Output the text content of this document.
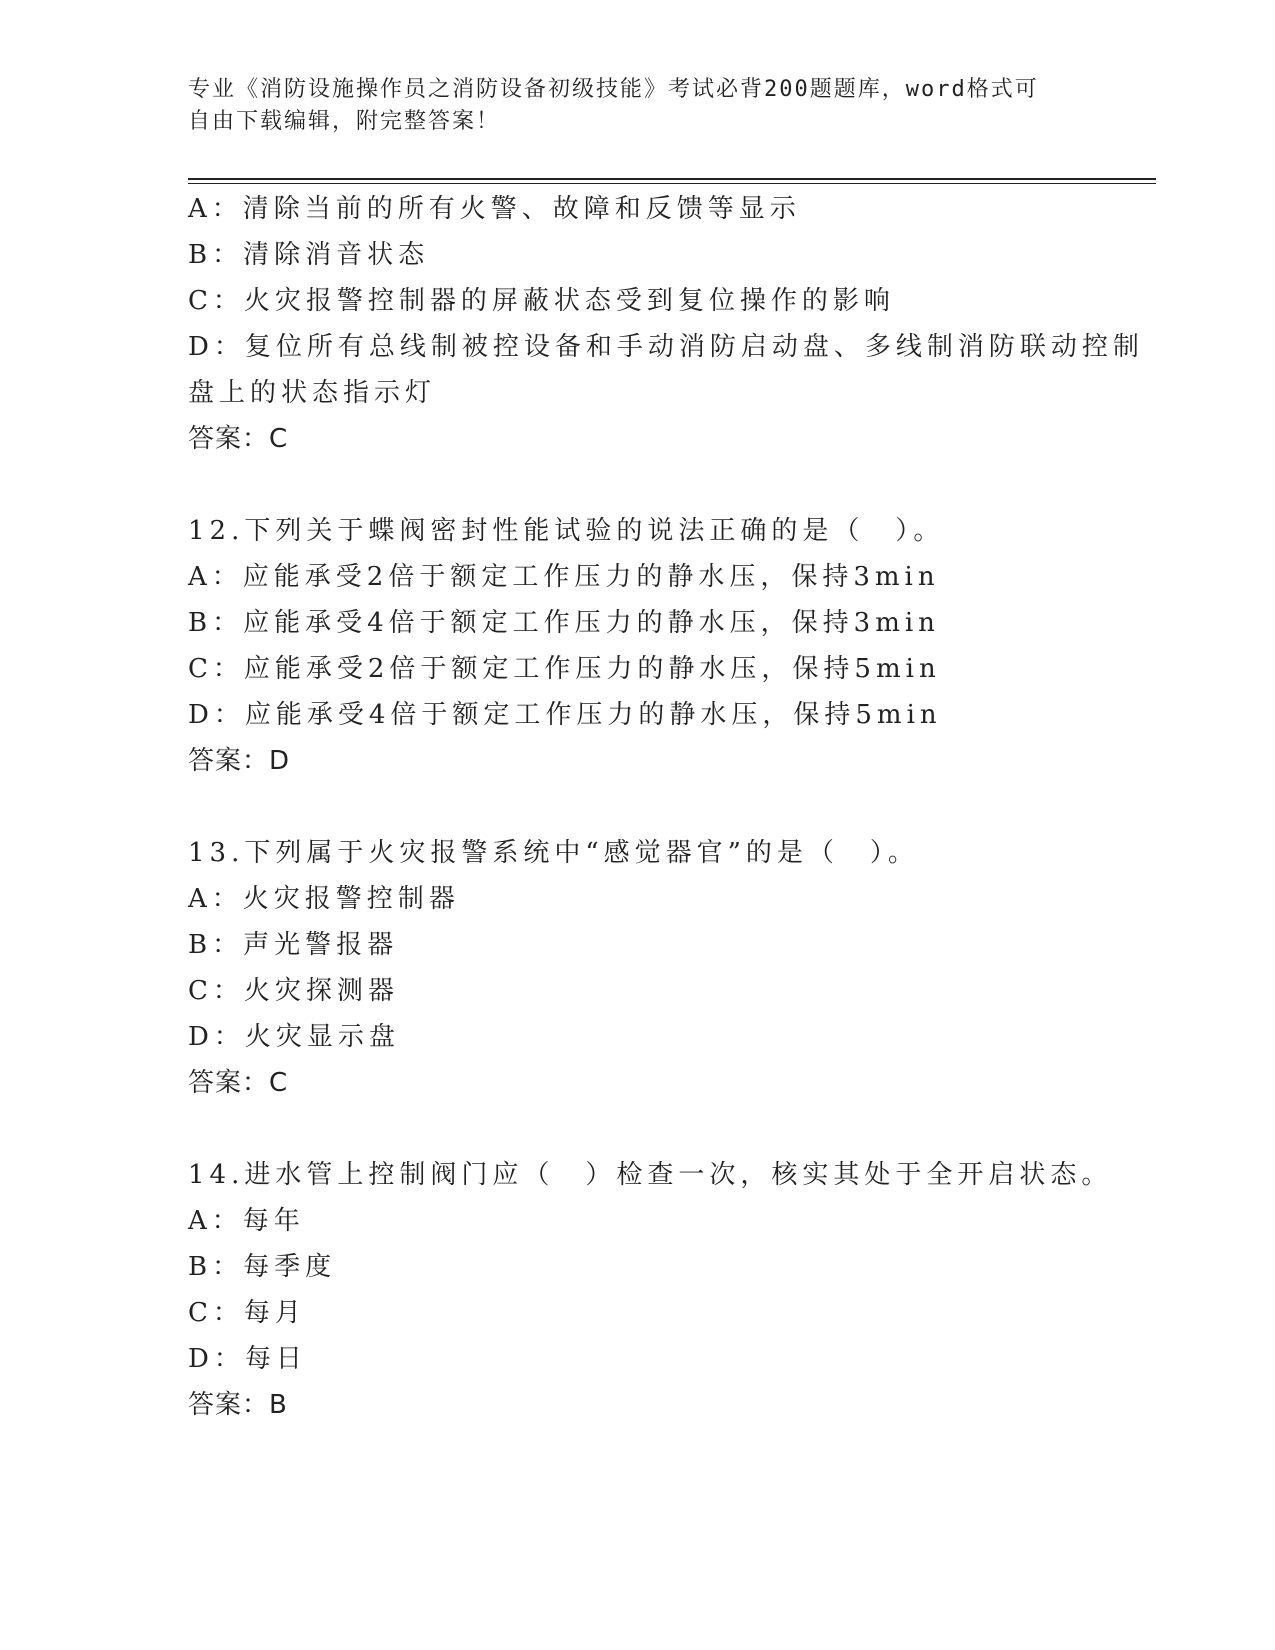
专业《消防设施操作员之消防设备初级技能》考试必背200题题库，word格式可
自由下载编辑，附完整答案！
A：清除当前的所有火警、故障和反馈等显示
B：清除消音状态
C：火灾报警控制器的屏蔽状态受到复位操作的影响
D：复位所有总线制被控设备和手动消防启动盘、多线制消防联动控制
盘上的状态指示灯
答案：C
12.下列关于蝶阀密封性能试验的说法正确的是（　）。
A：应能承受2倍于额定工作压力的静水压，保持3min
B：应能承受4倍于额定工作压力的静水压，保持3min
C：应能承受2倍于额定工作压力的静水压，保持5min
D：应能承受4倍于额定工作压力的静水压，保持5min
答案：D
13.下列属于火灾报警系统中“感觉器官”的是（　）。
A：火灾报警控制器
B：声光警报器
C：火灾探测器
D：火灾显示盘
答案：C
14.进水管上控制阀门应（　）检查一次，核实其处于全开启状态。
A：每年
B：每季度
C：每月
D：每日
答案：B
